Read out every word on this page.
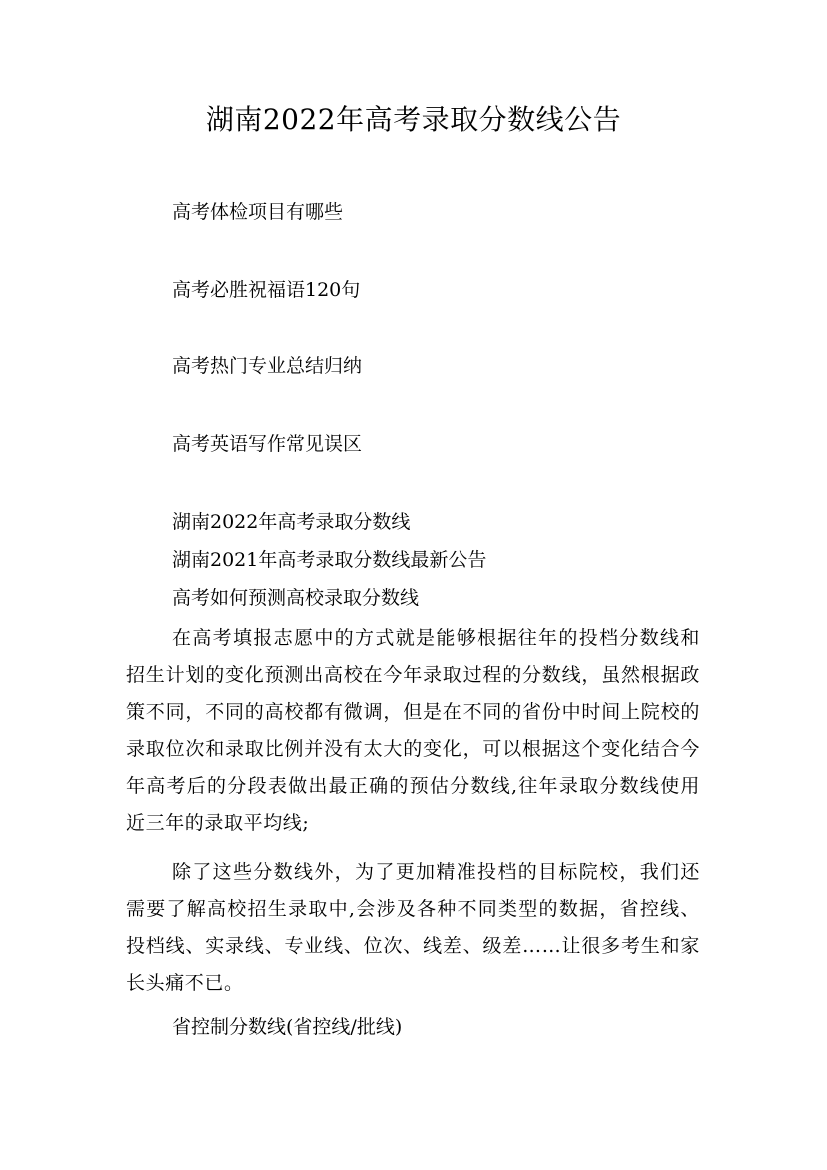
湖南2022年高考录取分数线公告
高考体检项目有哪些
高考必胜祝福语120句
高考热门专业总结归纳
高考英语写作常见误区
湖南2022年高考录取分数线
湖南2021年高考录取分数线最新公告
高考如何预测高校录取分数线
在高考填报志愿中的方式就是能够根据往年的投档分数线和招生计划的变化预测出高校在今年录取过程的分数线，虽然根据政策不同，不同的高校都有微调，但是在不同的省份中时间上院校的录取位次和录取比例并没有太大的变化，可以根据这个变化结合今年高考后的分段表做出最正确的预估分数线,往年录取分数线使用近三年的录取平均线;
除了这些分数线外，为了更加精准投档的目标院校，我们还需要了解高校招生录取中,会涉及各种不同类型的数据，省控线、投档线、实录线、专业线、位次、线差、级差……让很多考生和家长头痛不已。
省控制分数线(省控线/批线)
